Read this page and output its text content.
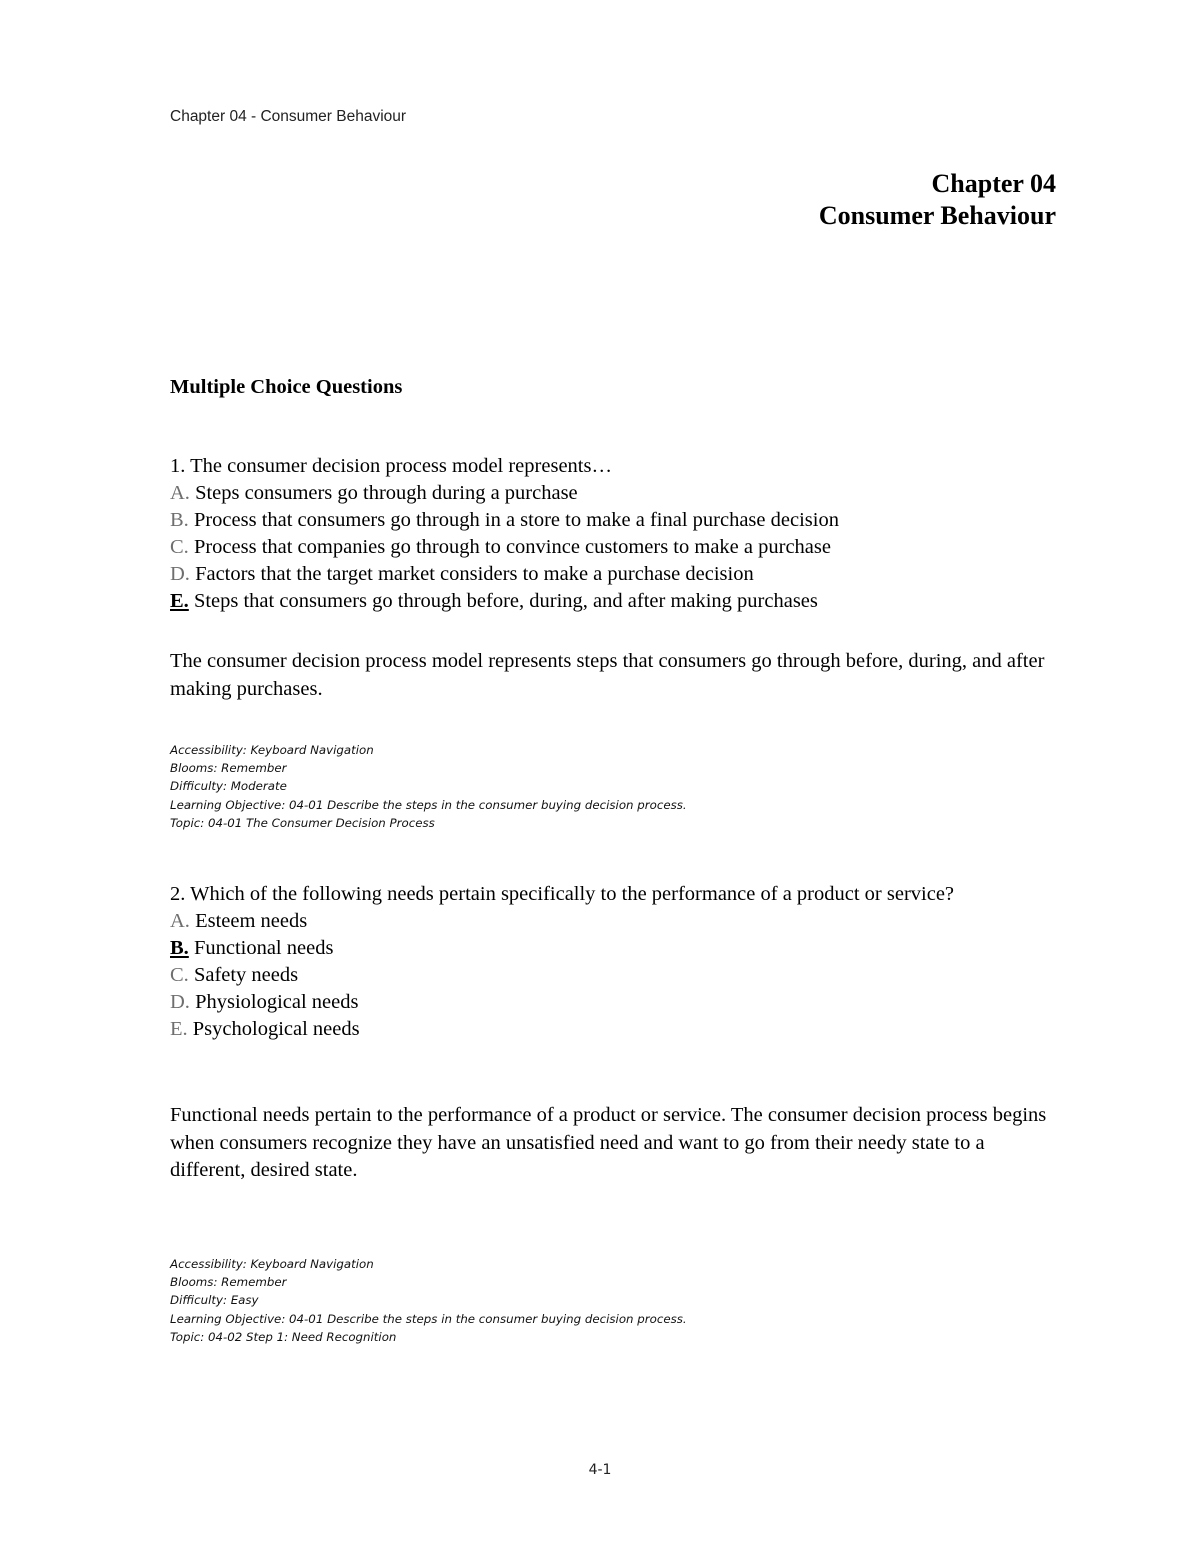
Chapter 04 - Consumer Behaviour
Chapter 04
Consumer Behaviour
Multiple Choice Questions

1. The consumer decision process model represents…

A. Steps consumers go through during a purchase

B. Process that consumers go through in a store to make a final purchase decision

C. Process that companies go through to convince customers to make a purchase

D. Factors that the target market considers to make a purchase decision

E. Steps that consumers go through before, during, and after making purchases

The consumer decision process model represents steps that consumers go through before, during, and after making purchases.

Accessibility: Keyboard Navigation
Blooms: Remember
Difficulty: Moderate
Learning Objective: 04-01 Describe the steps in the consumer buying decision process.
Topic: 04-01 The Consumer Decision Process

2. Which of the following needs pertain specifically to the performance of a product or service?

A. Esteem needs

B. Functional needs

C. Safety needs

D. Physiological needs

E. Psychological needs

Functional needs pertain to the performance of a product or service. The consumer decision process begins when consumers recognize they have an unsatisfied need and want to go from their needy state to a different, desired state.

Accessibility: Keyboard Navigation
Blooms: Remember
Difficulty: Easy
Learning Objective: 04-01 Describe the steps in the consumer buying decision process.
Topic: 04-02 Step 1: Need Recognition
4-1
